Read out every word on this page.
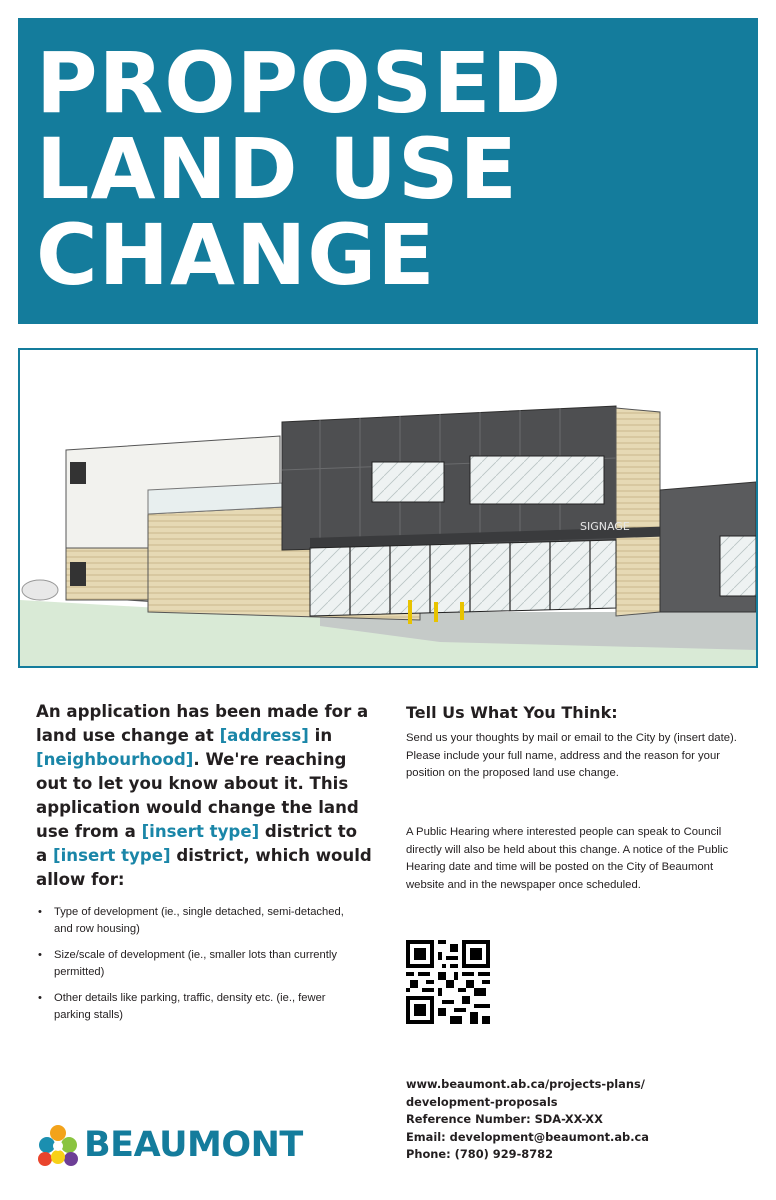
PROPOSED
LAND USE
CHANGE
SIGNAGE

An application has been made for a land use change at [address] in [neighbourhood]. We're reaching out to let you know about it. This application would change the land use from a [insert type] district to a [insert type] district, which would allow for:

• Type of development (ie., single detached, semi-detached, and row housing)
• Size/scale of development (ie., smaller lots than currently permitted)
• Other details like parking, traffic, density etc. (ie., fewer parking stalls)
Tell Us What You Think:

Send us your thoughts by mail or email to the City by (insert date). Please include your full name, address and the reason for your position on the proposed land use change.

A Public Hearing where interested people can speak to Council directly will also be held about this change. A notice of the Public Hearing date and time will be posted on the City of Beaumont website and in the newspaper once scheduled.

www.beaumont.ab.ca/projects-plans/
development-proposals
Reference Number: SDA-XX-XX
Email: development@beaumont.ab.ca
Phone: (780) 929-8782
BEAUMONT
